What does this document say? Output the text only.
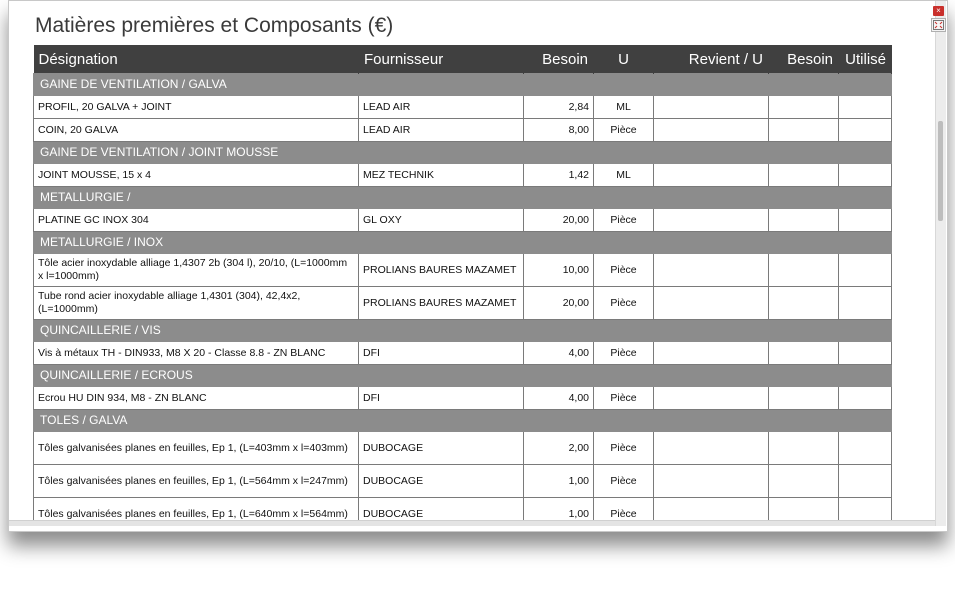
Matières premières et Composants (€)
Désignation	Fournisseur	Besoin	U	Revient / U	Besoin	Utilisé
GAINE DE VENTILATION / GALVA						
PROFIL, 20 GALVA + JOINT	LEAD AIR	2,84	ML			
COIN, 20 GALVA	LEAD AIR	8,00	Pièce			
GAINE DE VENTILATION / JOINT MOUSSE						
JOINT MOUSSE, 15 x 4	MEZ TECHNIK	1,42	ML			
METALLURGIE /						
PLATINE GC INOX 304	GL OXY	20,00	Pièce			
METALLURGIE / INOX						
Tôle acier inoxydable alliage 1,4307 2b (304 l), 20/10, (L=1000mm x l=1000mm)	PROLIANS BAURES MAZAMET	10,00	Pièce			
Tube rond acier inoxydable alliage 1,4301 (304), 42,4x2, (L=1000mm)	PROLIANS BAURES MAZAMET	20,00	Pièce			
QUINCAILLERIE / VIS						
Vis à métaux TH - DIN933, M8 X 20 - Classe 8.8 - ZN BLANC	DFI	4,00	Pièce			
QUINCAILLERIE / ECROUS						
Ecrou HU DIN 934, M8 - ZN BLANC	DFI	4,00	Pièce			
TOLES / GALVA						
Tôles galvanisées planes en feuilles, Ep 1, (L=403mm x l=403mm)	DUBOCAGE	2,00	Pièce			
Tôles galvanisées planes en feuilles, Ep 1, (L=564mm x l=247mm)	DUBOCAGE	1,00	Pièce			
Tôles galvanisées planes en feuilles, Ep 1, (L=640mm x l=564mm)	DUBOCAGE	1,00	Pièce			
×
